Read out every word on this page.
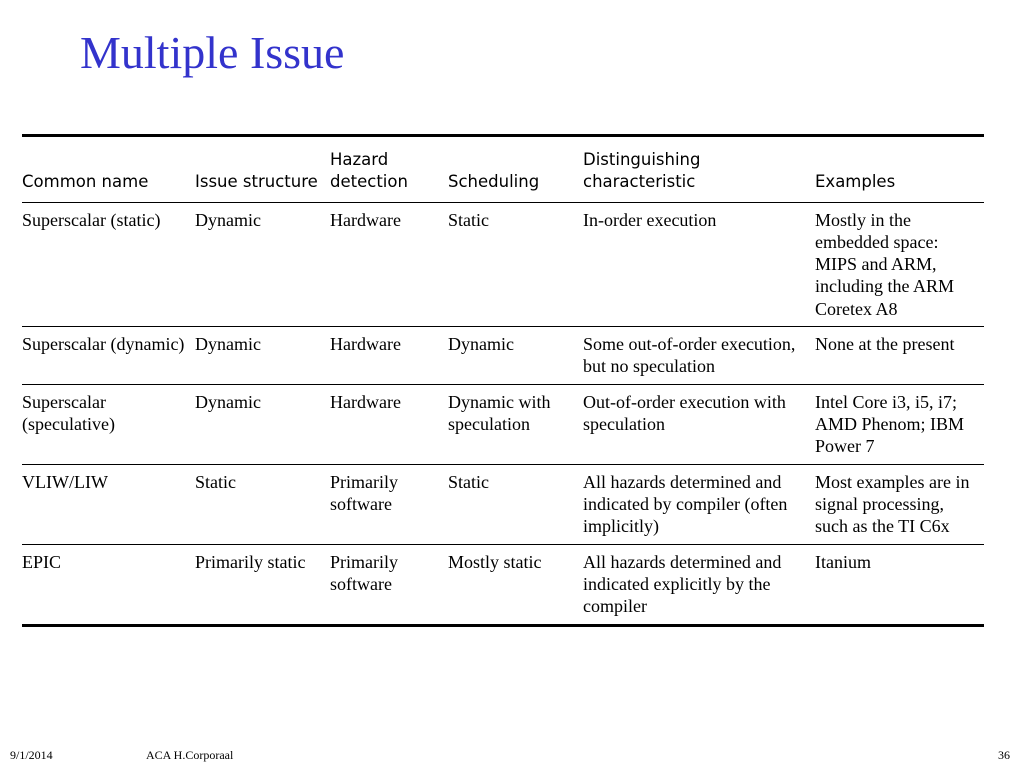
Multiple Issue
Common name	Issue structure	Hazard detection	Scheduling	Distinguishing characteristic	Examples
Superscalar (static)	Dynamic	Hardware	Static	In-order execution	Mostly in the embedded space: MIPS and ARM, including the ARM Coretex A8
Superscalar (dynamic)	Dynamic	Hardware	Dynamic	Some out-of-order execution, but no speculation	None at the present
Superscalar (speculative)	Dynamic	Hardware	Dynamic with speculation	Out-of-order execution with speculation	Intel Core i3, i5, i7; AMD Phenom; IBM Power 7
VLIW/LIW	Static	Primarily software	Static	All hazards determined and indicated by compiler (often implicitly)	Most examples are in signal processing, such as the TI C6x
EPIC	Primarily static	Primarily software	Mostly static	All hazards determined and indicated explicitly by the compiler	Itanium
9/1/2014	ACA H.Corporaal	36
